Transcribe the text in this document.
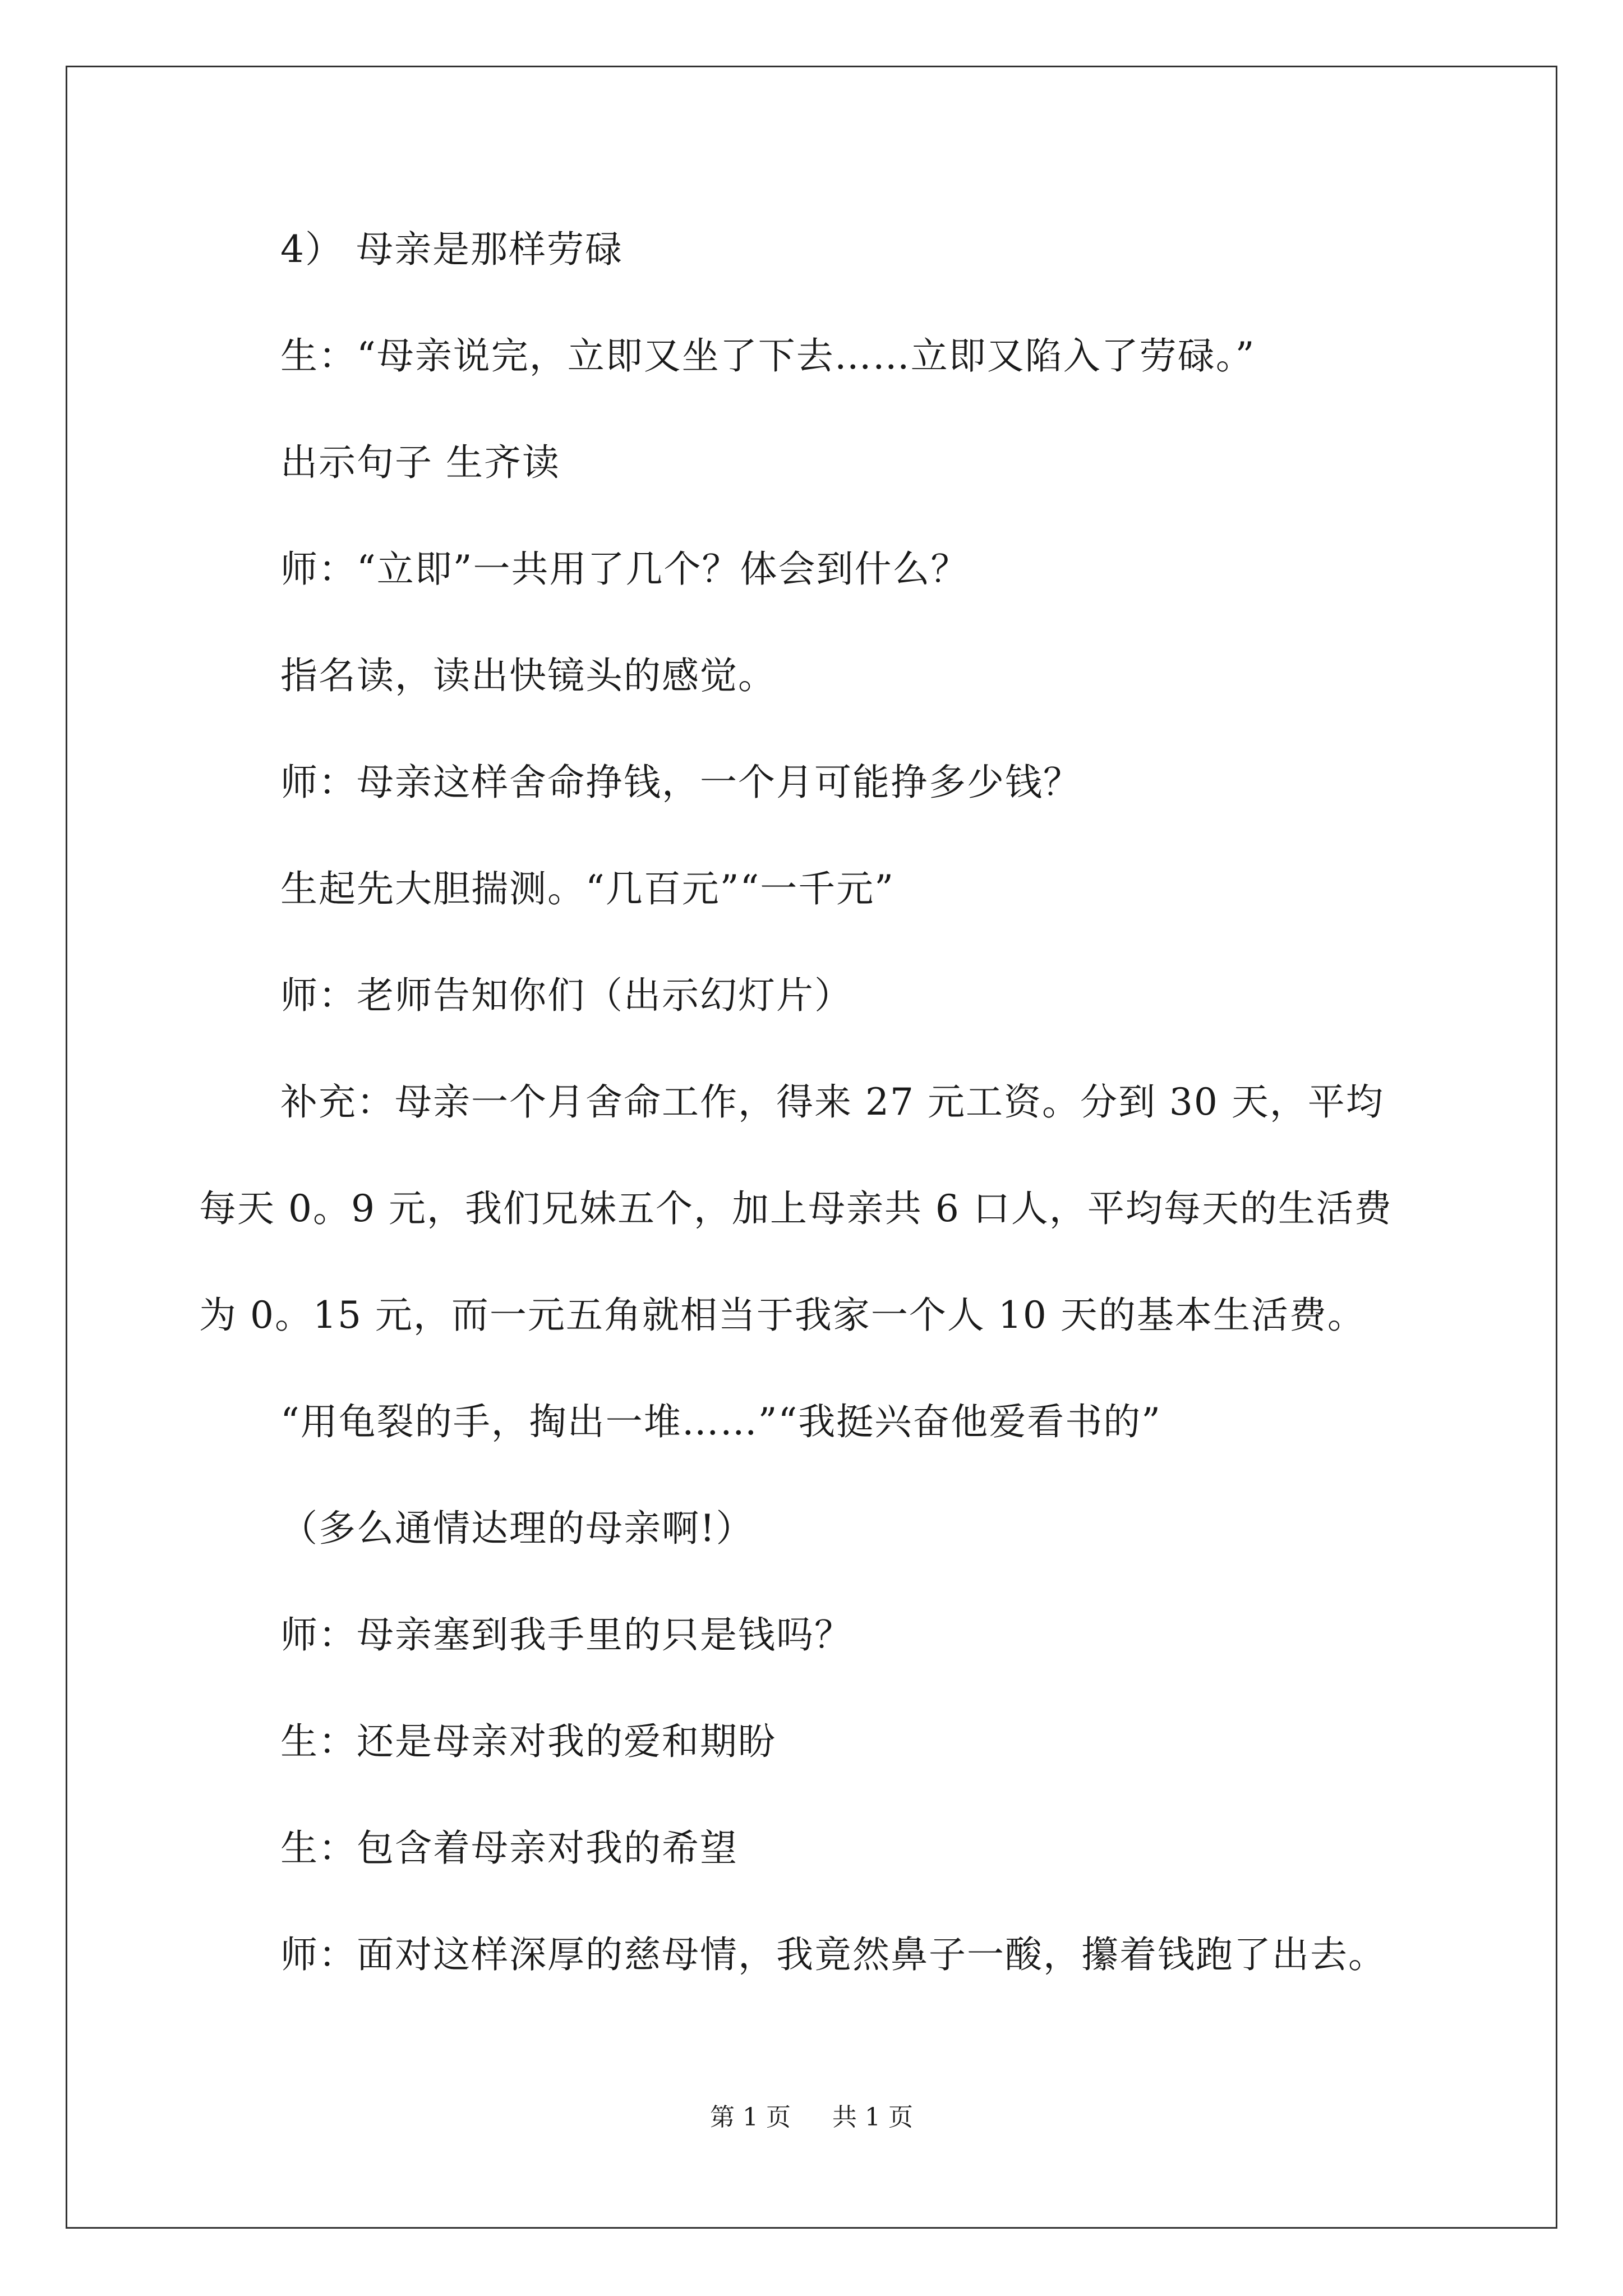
4） 母亲是那样劳碌
生：“母亲说完，立即又坐了下去……立即又陷入了劳碌。”
出示句子 生齐读
师：“立即”一共用了几个？体会到什么？
指名读，读出快镜头的感觉。
师：母亲这样舍命挣钱，一个月可能挣多少钱？
生起先大胆揣测。“几百元”“一千元”
师：老师告知你们（出示幻灯片）
补充：母亲一个月舍命工作，得来 27 元工资。分到 30 天，平均
每天 0。9 元，我们兄妹五个，加上母亲共 6 口人，平均每天的生活费
为 0。15 元，而一元五角就相当于我家一个人 10 天的基本生活费。
“用龟裂的手，掏出一堆……”“我挺兴奋他爱看书的”
（多么通情达理的母亲啊!）
师：母亲塞到我手里的只是钱吗？
生：还是母亲对我的爱和期盼
生：包含着母亲对我的希望
师：面对这样深厚的慈母情，我竟然鼻子一酸，攥着钱跑了出去。
第 1 页 共 1 页
